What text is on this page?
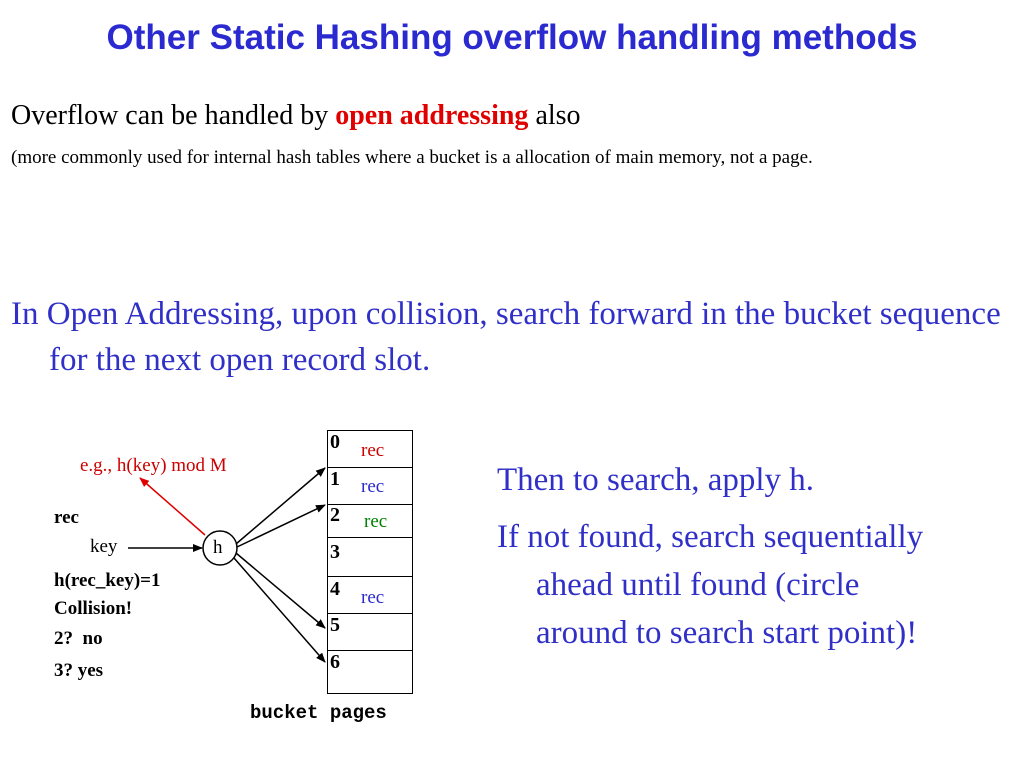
Other Static Hashing overflow handling methods
Overflow can be handled by open addressing also
(more commonly used for internal hash tables where a bucket is a allocation of main memory, not a page.
In Open Addressing, upon collision, search forward in the bucket sequence for the next open record slot.
h
e.g., h(key) mod M
rec
key
h(rec_key)=1
Collision!
2?  no
3? yes
0
1
2
3
4
5
6
rec
rec
rec
rec
bucket pages
Then to search, apply h.
If not found, search sequentially
ahead until found (circle
around to search start point)!
